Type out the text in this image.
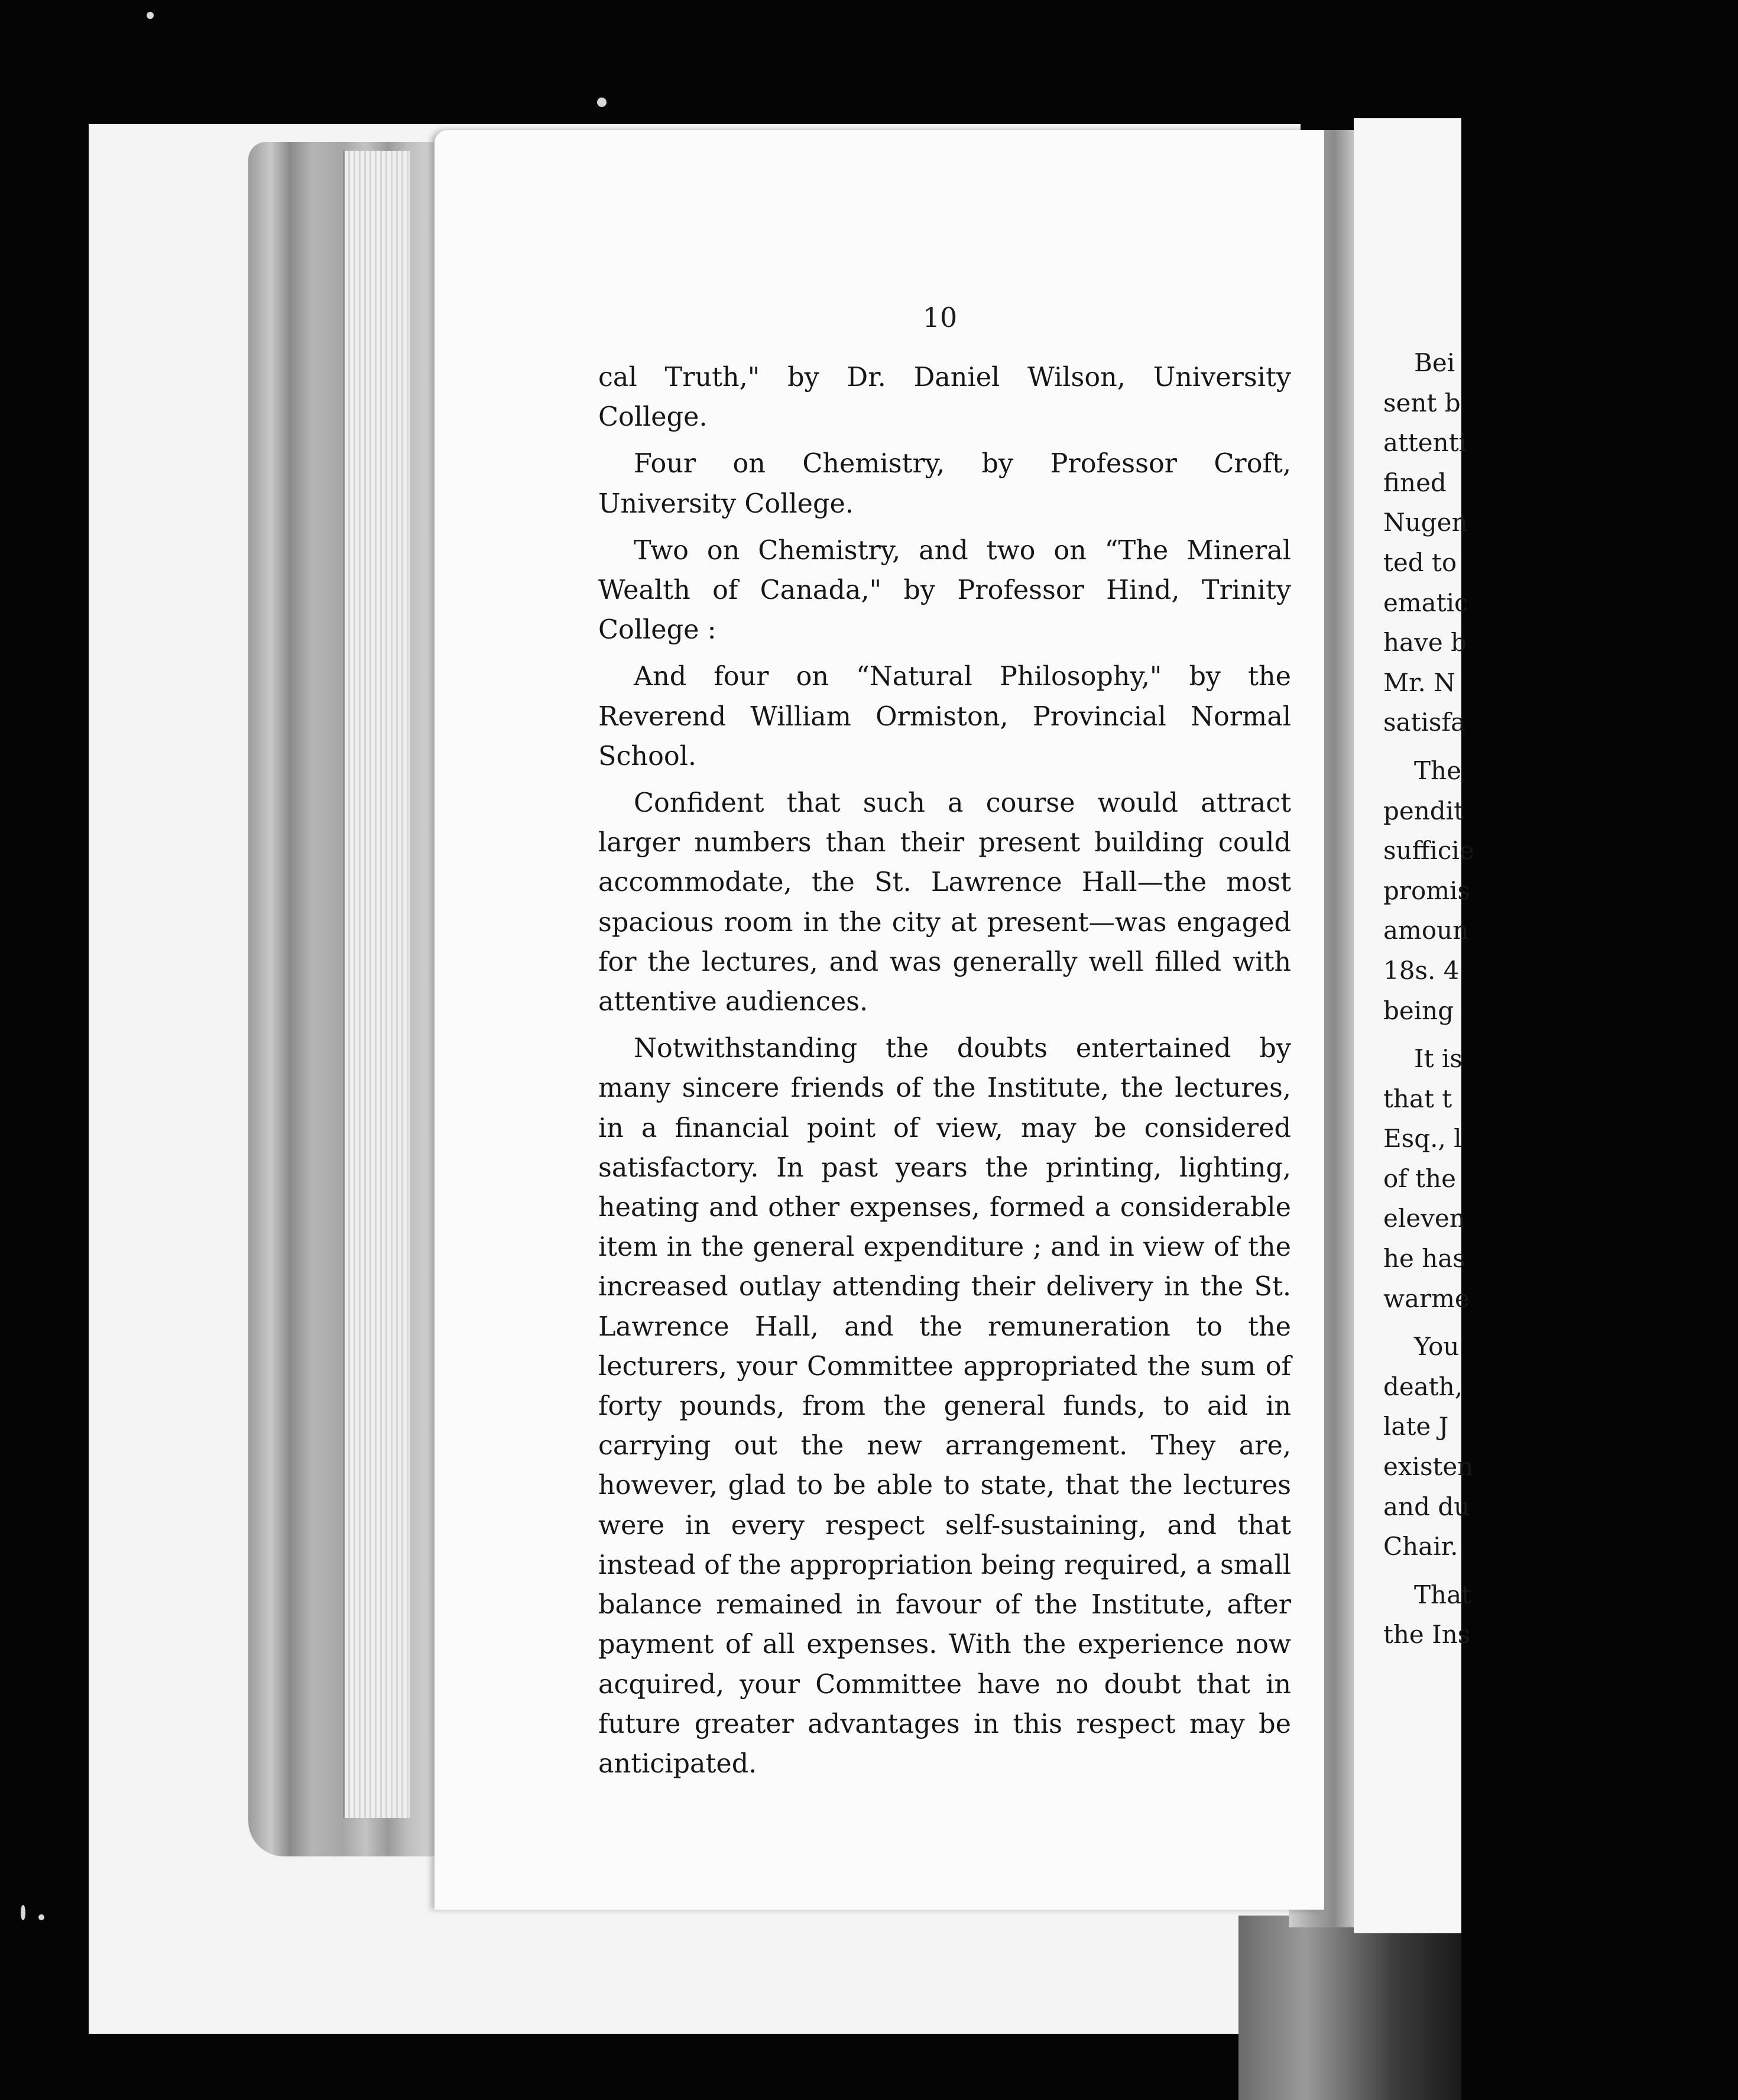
10

cal Truth," by Dr. Daniel Wilson, University College.

Four on Chemistry, by Professor Croft, University College.

Two on Chemistry, and two on “The Mineral Wealth of Canada," by Professor Hind, Trinity College :

And four on “Natural Philosophy," by the Reverend William Ormiston, Provincial Normal School.

Confident that such a course would attract larger numbers than their present building could accommodate, the St. Lawrence Hall—the most spacious room in the city at present—was engaged for the lectures, and was generally well filled with attentive audiences.

Notwithstanding the doubts entertained by many sincere friends of the Institute, the lectures, in a financial point of view, may be considered satisfactory. In past years the printing, lighting, heating and other expenses, formed a considerable item in the general expenditure ; and in view of the increased outlay attending their delivery in the St. Lawrence Hall, and the remuneration to the lecturers, your Committee appropriated the sum of forty pounds, from the general funds, to aid in carrying out the new arrangement. They are, however, glad to be able to state, that the lectures were in every respect self-sustaining, and that instead of the appropriation being required, a small balance remained in favour of the Institute, after payment of all expenses. With the experience now acquired, your Committee have no doubt that in future greater advantages in this respect may be anticipated.

Bei
sent b
attenti
fined
Nugen
ted to
ematic
have b
Mr. N
satisfa
The
pendit
sufficie
promis
amoun
18s. 4
being
It is
that t
Esq., l
of the
eleven
he has
warme
You
death,
late J
existen
and du
Chair.
That
the Ins
